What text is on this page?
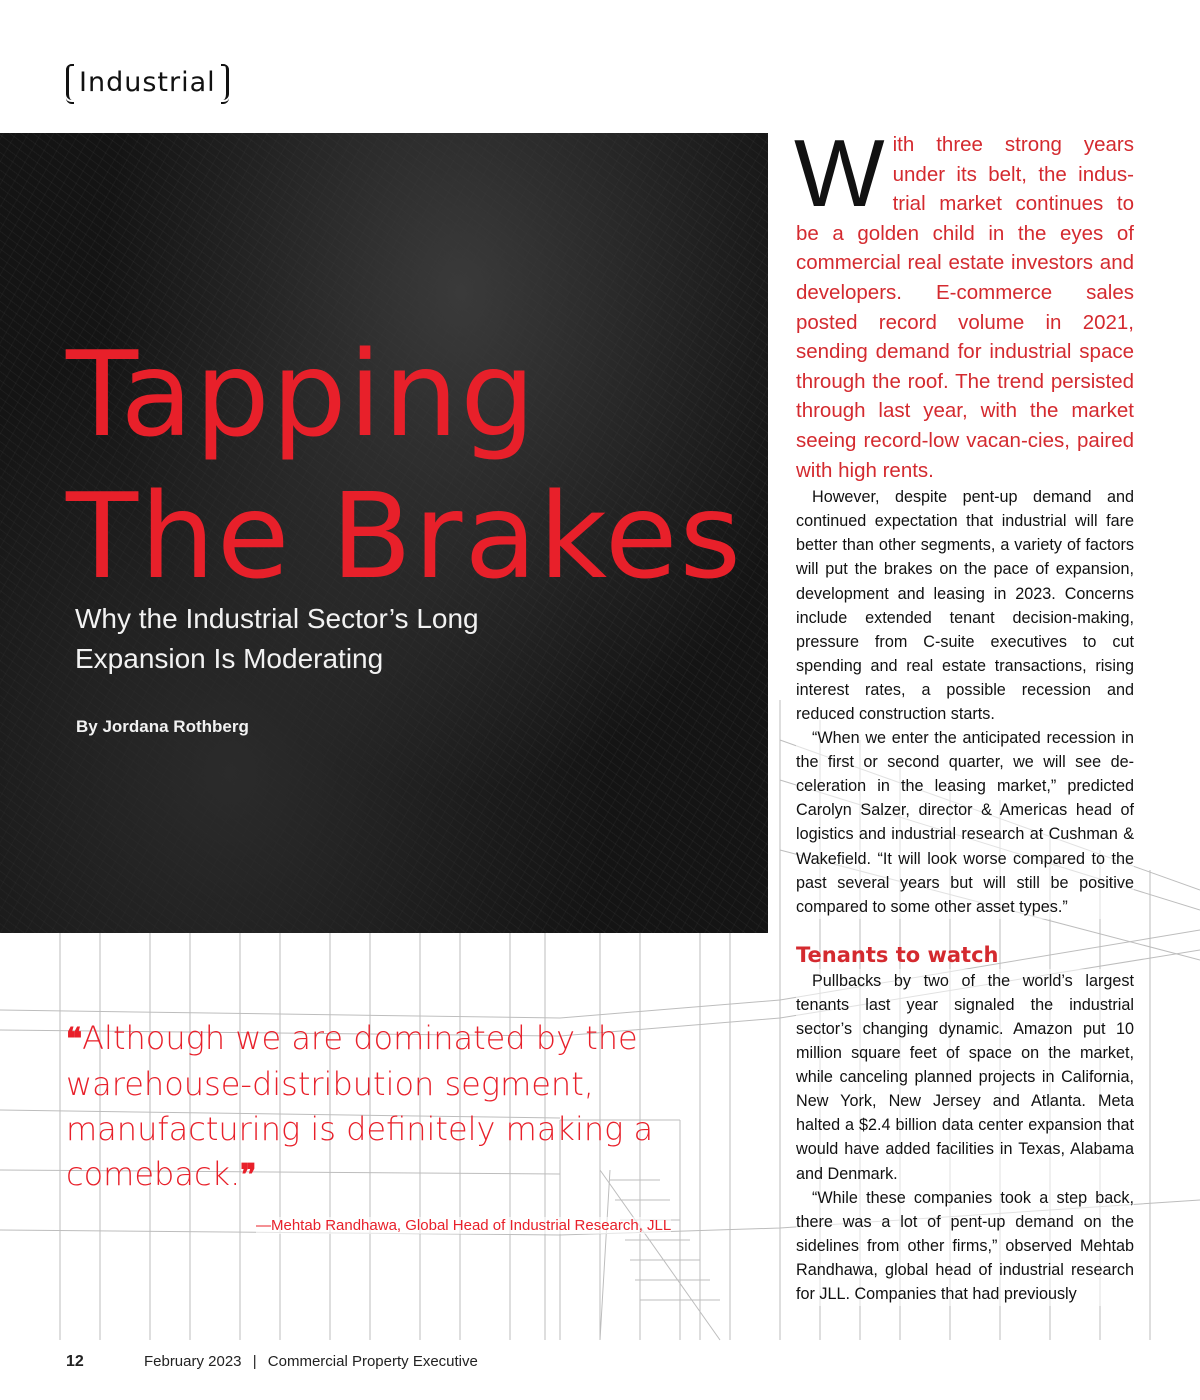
Industrial
Tapping
The Brakes
Why the Industrial Sector’s Long Expansion Is Moderating
By Jordana Rothberg
❝Although we are dominated by the warehouse-distribution segment, manufacturing is definitely making a comeback.❞
—Mehtab Randhawa, Global Head of Industrial Research, JLL

With three strong years under its belt, the indus-trial market continues to be a golden child in the eyes of commercial real estate investors and developers. E-commerce sales posted record volume in 2021, sending demand for industrial space through the roof. The trend persisted through last year, with the market seeing record-low vacan-cies, paired with high rents.

However, despite pent-up demand and continued expectation that industrial will fare better than other segments, a variety of factors will put the brakes on the pace of expansion, development and leasing in 2023. Concerns include extended tenant decision-making, pressure from C-suite executives to cut spending and real estate transactions, rising interest rates, a possible recession and reduced construction starts.

“When we enter the anticipated recession in the first or second quarter, we will see de-celeration in the leasing market,” predicted Carolyn Salzer, director & Americas head of logistics and industrial research at Cushman & Wakefield. “It will look worse compared to the past several years but will still be positive compared to some other asset types.”

Tenants to watch

Pullbacks by two of the world’s largest tenants last year signaled the industrial sector’s changing dynamic. Amazon put 10 million square feet of space on the market, while canceling planned projects in California, New York, New Jersey and Atlanta. Meta halted a $2.4 billion data center expansion that would have added facilities in Texas, Alabama and Denmark.

“While these companies took a step back, there was a lot of pent-up demand on the sidelines from other firms,” observed Mehtab Randhawa, global head of industrial research for JLL. Companies that had previously

12	February 2023 | Commercial Property Executive
